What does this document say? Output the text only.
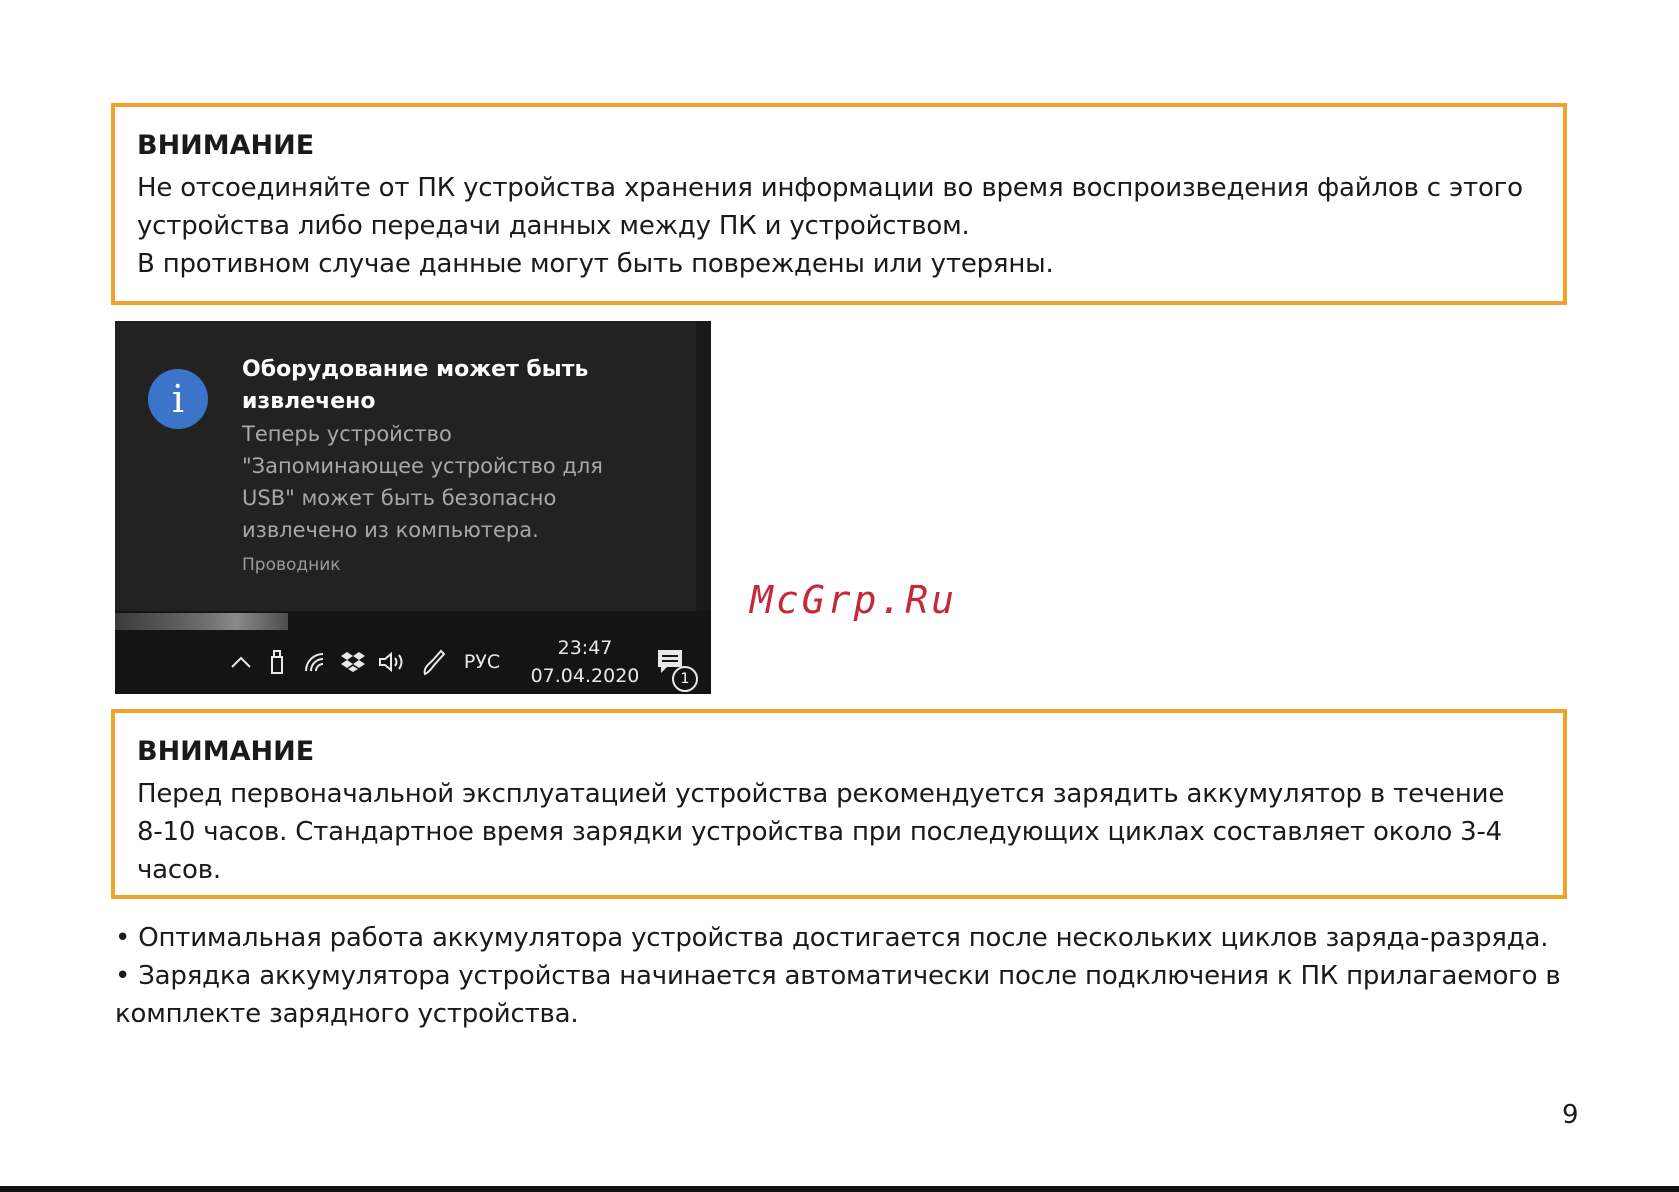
ВНИМАНИЕ

Не отсоединяйте от ПК устройства хранения информации во время воспроизведения файлов с этого

устройства либо передачи данных между ПК и устройством.

В противном случае данные могут быть повреждены или утеряны.

i
Оборудование может быть
извлечено
Теперь устройство
"Запоминающее устройство для
USB" может быть безопасно
извлечено из компьютера.
Проводник
РУС
23:47
07.04.2020	1
McGrp.Ru

ВНИМАНИЕ

Перед первоначальной эксплуатацией устройства рекомендуется зарядить аккумулятор в течение

8-10 часов. Стандартное время зарядки устройства при последующих циклах составляет около 3-4

часов.

• Оптимальная работа аккумулятора устройства достигается после нескольких циклов заряда-разряда.

• Зарядка аккумулятора устройства начинается автоматически после подключения к ПК прилагаемого в

комплекте зарядного устройства.

9
